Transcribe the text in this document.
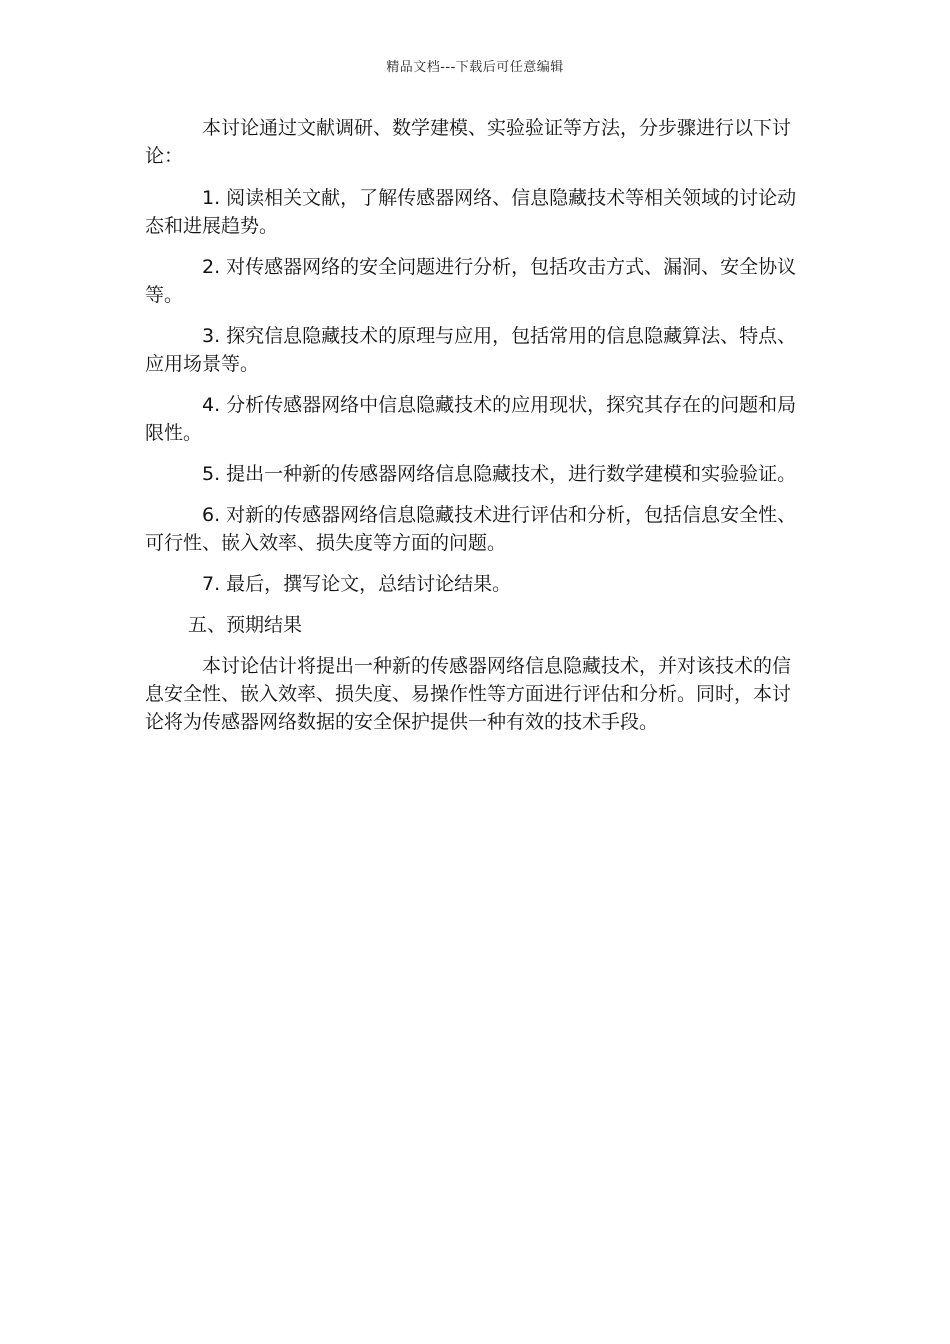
精品文档---下载后可任意编辑

本讨论通过文献调研、数学建模、实验验证等方法，分步骤进行以下讨论：

1. 阅读相关文献，了解传感器网络、信息隐藏技术等相关领域的讨论动态和进展趋势。

2. 对传感器网络的安全问题进行分析，包括攻击方式、漏洞、安全协议等。

3. 探究信息隐藏技术的原理与应用，包括常用的信息隐藏算法、特点、应用场景等。

4. 分析传感器网络中信息隐藏技术的应用现状，探究其存在的问题和局限性。

5. 提出一种新的传感器网络信息隐藏技术，进行数学建模和实验验证。

6. 对新的传感器网络信息隐藏技术进行评估和分析，包括信息安全性、可行性、嵌入效率、损失度等方面的问题。

7. 最后，撰写论文，总结讨论结果。

五、预期结果

本讨论估计将提出一种新的传感器网络信息隐藏技术，并对该技术的信息安全性、嵌入效率、损失度、易操作性等方面进行评估和分析。同时，本讨论将为传感器网络数据的安全保护提供一种有效的技术手段。
